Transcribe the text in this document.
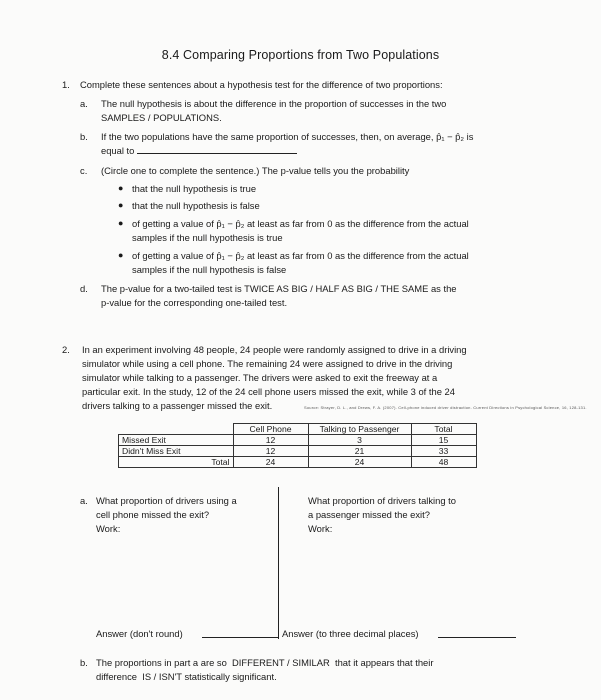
8.4 Comparing Proportions from Two Populations
1. Complete these sentences about a hypothesis test for the difference of two proportions:
a. The null hypothesis is about the difference in the proportion of successes in the two
SAMPLES / POPULATIONS.
b. If the two populations have the same proportion of successes, then, on average, p̂₁ − p̂₂ is
equal to
c. (Circle one to complete the sentence.) The p-value tells you the probability
● that the null hypothesis is true
● that the null hypothesis is false
● of getting a value of p̂₁ − p̂₂ at least as far from 0 as the difference from the actual
samples if the null hypothesis is true
● of getting a value of p̂₁ − p̂₂ at least as far from 0 as the difference from the actual
samples if the null hypothesis is false
d. The p-value for a two-tailed test is TWICE AS BIG / HALF AS BIG / THE SAME as the
p-value for the corresponding one-tailed test.
2. In an experiment involving 48 people, 24 people were randomly assigned to drive in a driving
simulator while using a cell phone. The remaining 24 were assigned to drive in the driving
simulator while talking to a passenger. The drivers were asked to exit the freeway at a
particular exit. In the study, 12 of the 24 cell phone users missed the exit, while 3 of the 24
drivers talking to a passenger missed the exit.	Source: Strayer, D. L., and Drews, F. A. (2007). Cell-phone induced driver distraction. Current Directions in Psychological Science, 16, 128-131.
	Cell Phone	Talking to Passenger	Total
Missed Exit	12	3	15
Didn't Miss Exit	12	21	33
Total	24	24	48
a. What proportion of drivers using a
cell phone missed the exit?
Work:
What proportion of drivers talking to
a passenger missed the exit?
Work:
Answer (don't round)	Answer (to three decimal places)
b. The proportions in part a are so  DIFFERENT / SIMILAR  that it appears that their
difference  IS / ISN'T statistically significant.
